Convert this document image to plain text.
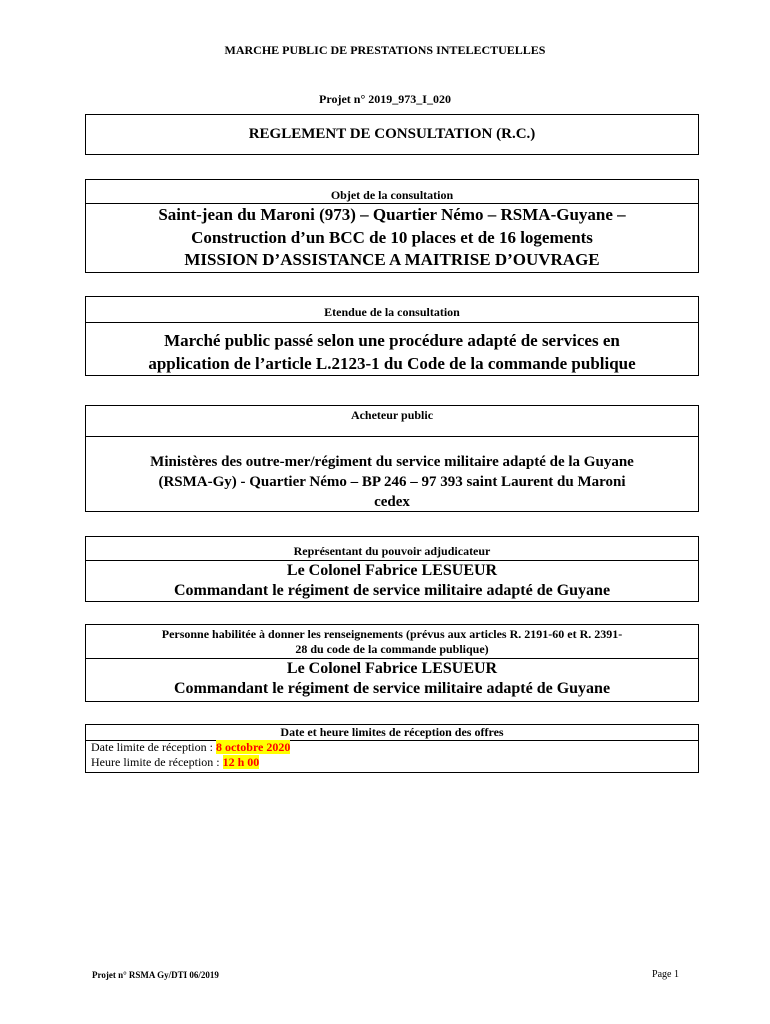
MARCHE PUBLIC DE PRESTATIONS INTELECTUELLES
Projet n° 2019_973_I_020
REGLEMENT DE CONSULTATION (R.C.)
Objet de la consultation
Saint-jean du Maroni (973) – Quartier Némo – RSMA-Guyane –
Construction d’un BCC de 10 places et de 16 logements
MISSION D’ASSISTANCE A MAITRISE D’OUVRAGE
Etendue de la consultation
Marché public passé selon une procédure adapté de services en
application de l’article L.2123-1 du Code de la commande publique
Acheteur public
Ministères des outre-mer/régiment du service militaire adapté de la Guyane
(RSMA-Gy) - Quartier Némo – BP 246 – 97 393 saint Laurent du Maroni
cedex
Représentant du pouvoir adjudicateur
Le Colonel Fabrice LESUEUR
Commandant le régiment de service militaire adapté de Guyane
Personne habilitée à donner les renseignements (prévus aux articles R. 2191-60 et R. 2391-
28 du code de la commande publique)
Le Colonel Fabrice LESUEUR
Commandant le régiment de service militaire adapté de Guyane
Date et heure limites de réception des offres
Date limite de réception : 8 octobre 2020
Heure limite de réception : 12 h 00
Projet n° RSMA Gy/DTI 06/2019	Page 1
